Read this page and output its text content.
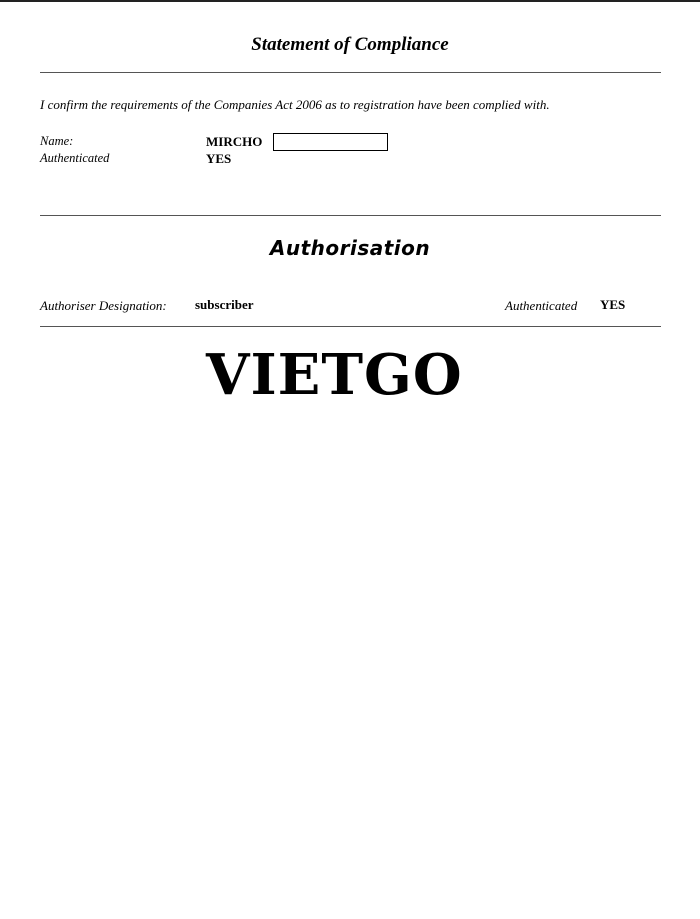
Statement of Compliance
I confirm the requirements of the Companies Act 2006 as to registration have been complied with.
Name:	MIRCHO
Authenticated	YES
Authorisation
Authoriser Designation: subscriber	Authenticated YES
VIETGO
